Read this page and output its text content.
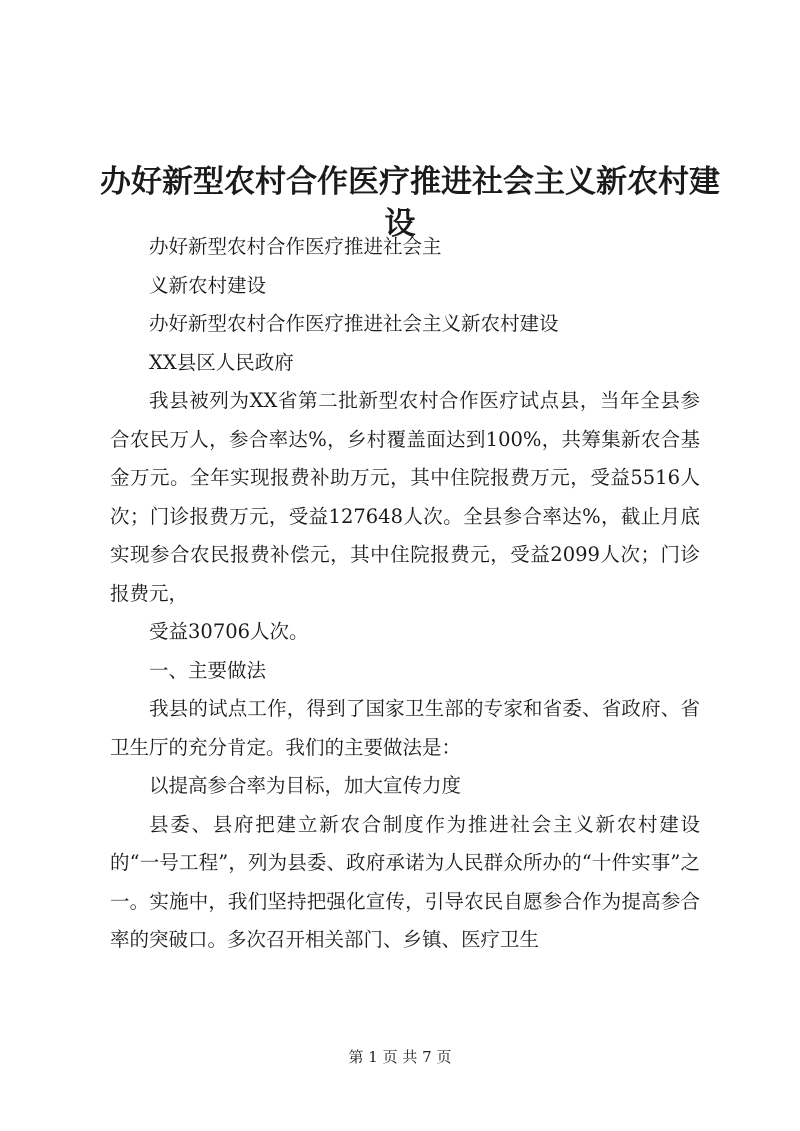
办好新型农村合作医疗推进社会主义新农村建
设

办好新型农村合作医疗推进社会主

义新农村建设

办好新型农村合作医疗推进社会主义新农村建设

XX县区人民政府

我县被列为XX省第二批新型农村合作医疗试点县，当年全县参合农民万人，参合率达%，乡村覆盖面达到100%，共筹集新农合基金万元。全年实现报费补助万元，其中住院报费万元，受益5516人次；门诊报费万元，受益127648人次。全县参合率达%，截止月底实现参合农民报费补偿元，其中住院报费元，受益2099人次；门诊报费元，

受益30706人次。

一、主要做法

我县的试点工作，得到了国家卫生部的专家和省委、省政府、省卫生厅的充分肯定。我们的主要做法是：

以提高参合率为目标，加大宣传力度

县委、县府把建立新农合制度作为推进社会主义新农村建设的“一号工程”，列为县委、政府承诺为人民群众所办的“十件实事”之一。实施中，我们坚持把强化宣传，引导农民自愿参合作为提高参合率的突破口。多次召开相关部门、乡镇、医疗卫生

第 1 页 共 7 页
